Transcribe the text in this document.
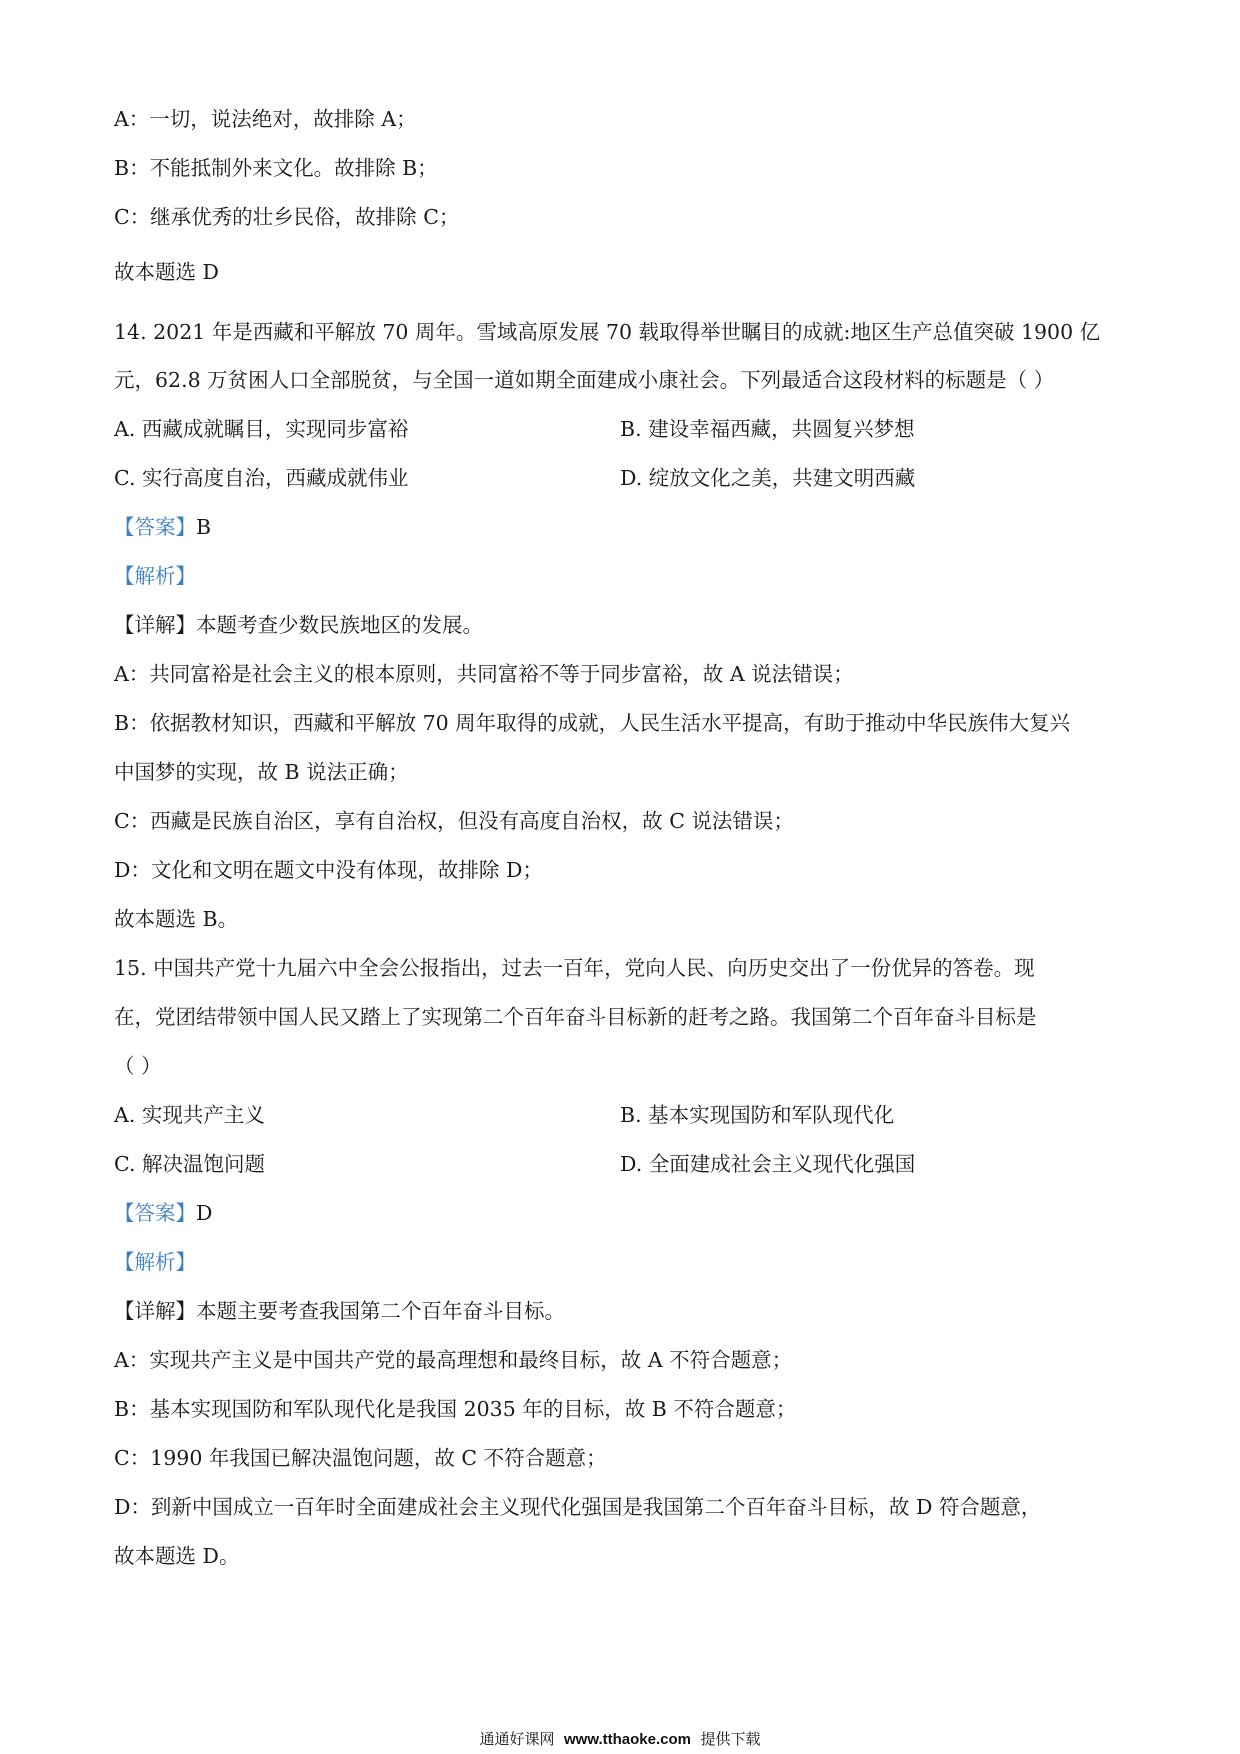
A：一切，说法绝对，故排除 A；
B：不能抵制外来文化。故排除 B；
C：继承优秀的壮乡民俗，故排除 C；
故本题选 D
14. 2021 年是西藏和平解放 70 周年。雪域高原发展 70 载取得举世瞩目的成就:地区生产总值突破 1900 亿
元，62.8 万贫困人口全部脱贫，与全国一道如期全面建成小康社会。下列最适合这段材料的标题是（ ）
A. 西藏成就瞩目，实现同步富裕	B. 建设幸福西藏，共圆复兴梦想
C. 实行高度自治，西藏成就伟业	D. 绽放文化之美，共建文明西藏
【答案】B
【解析】
【详解】本题考查少数民族地区的发展。
A：共同富裕是社会主义的根本原则，共同富裕不等于同步富裕，故 A 说法错误；
B：依据教材知识，西藏和平解放 70 周年取得的成就，人民生活水平提高，有助于推动中华民族伟大复兴
中国梦的实现，故 B 说法正确；
C：西藏是民族自治区，享有自治权，但没有高度自治权，故 C 说法错误；
D：文化和文明在题文中没有体现，故排除 D；
故本题选 B。
15. 中国共产党十九届六中全会公报指出，过去一百年，党向人民、向历史交出了一份优异的答卷。现
在，党团结带领中国人民又踏上了实现第二个百年奋斗目标新的赶考之路。我国第二个百年奋斗目标是
（ ）
A. 实现共产主义	B. 基本实现国防和军队现代化
C. 解决温饱问题	D. 全面建成社会主义现代化强国
【答案】D
【解析】
【详解】本题主要考查我国第二个百年奋斗目标。
A：实现共产主义是中国共产党的最高理想和最终目标，故 A 不符合题意；
B：基本实现国防和军队现代化是我国 2035 年的目标，故 B 不符合题意；
C：1990 年我国已解决温饱问题，故 C 不符合题意；
D：到新中国成立一百年时全面建成社会主义现代化强国是我国第二个百年奋斗目标，故 D 符合题意，
故本题选 D。
通通好课网 www.tthaoke.com 提供下载
